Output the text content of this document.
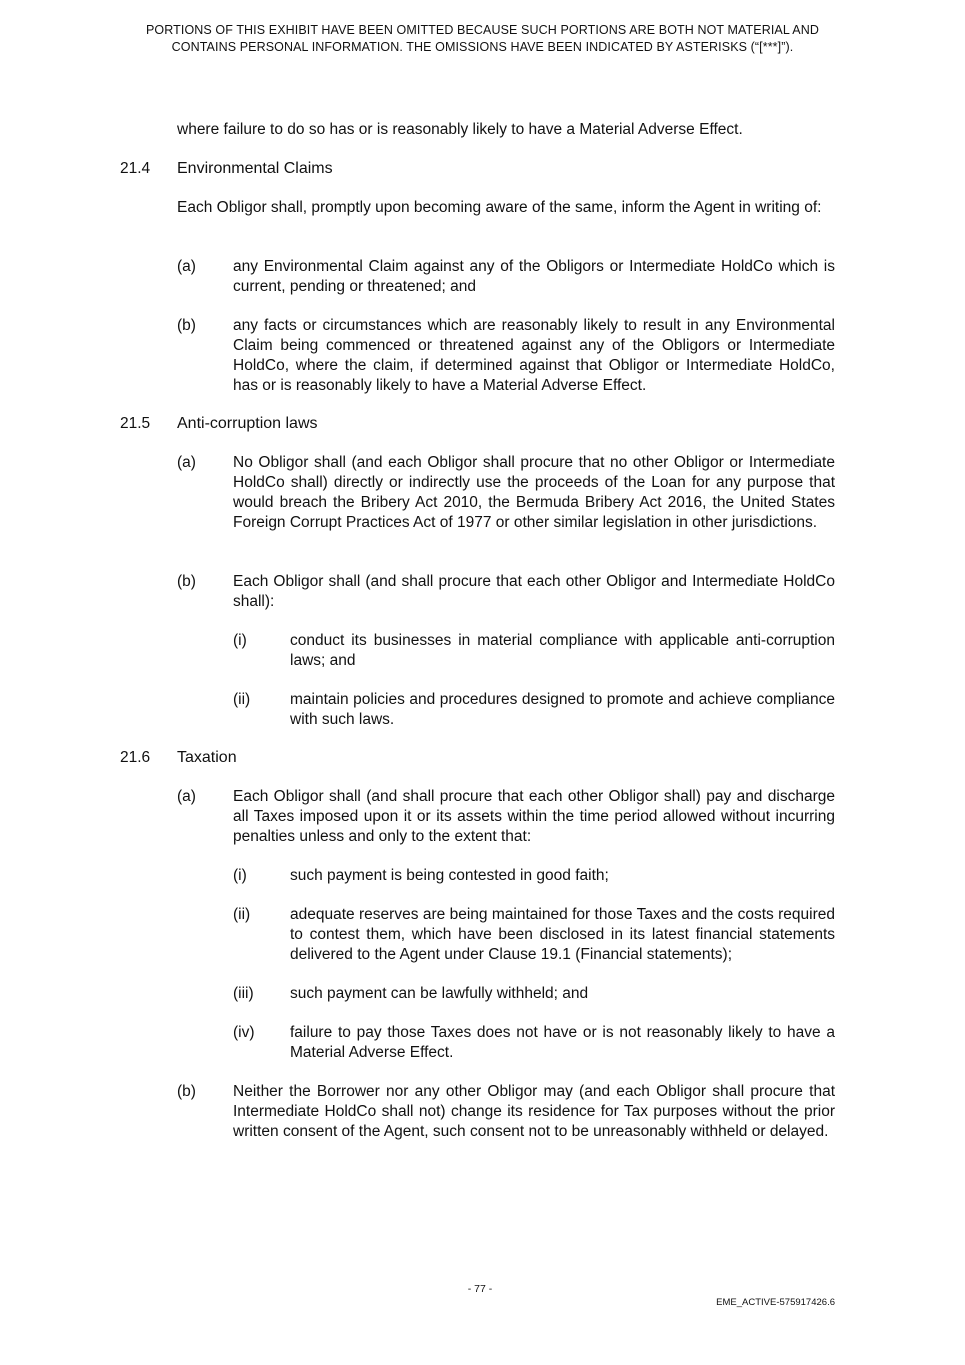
PORTIONS OF THIS EXHIBIT HAVE BEEN OMITTED BECAUSE SUCH PORTIONS ARE BOTH NOT MATERIAL AND
CONTAINS PERSONAL INFORMATION. THE OMISSIONS HAVE BEEN INDICATED BY ASTERISKS (“[***]”).
where failure to do so has or is reasonably likely to have a Material Adverse Effect.
21.4 Environmental Claims
Each Obligor shall, promptly upon becoming aware of the same, inform the Agent in writing of:
(a) any Environmental Claim against any of the Obligors or Intermediate HoldCo which is current, pending or threatened; and
(b) any facts or circumstances which are reasonably likely to result in any Environmental Claim being commenced or threatened against any of the Obligors or Intermediate HoldCo, where the claim, if determined against that Obligor or Intermediate HoldCo, has or is reasonably likely to have a Material Adverse Effect.
21.5 Anti-corruption laws
(a) No Obligor shall (and each Obligor shall procure that no other Obligor or Intermediate HoldCo shall) directly or indirectly use the proceeds of the Loan for any purpose that would breach the Bribery Act 2010, the Bermuda Bribery Act 2016, the United States Foreign Corrupt Practices Act of 1977 or other similar legislation in other jurisdictions.
(b) Each Obligor shall (and shall procure that each other Obligor and Intermediate HoldCo shall):
(i)	conduct its businesses in material compliance with applicable anti-corruption laws; and
(ii)	maintain policies and procedures designed to promote and achieve compliance with such laws.
21.6 Taxation
(a) Each Obligor shall (and shall procure that each other Obligor shall) pay and discharge all Taxes imposed upon it or its assets within the time period allowed without incurring penalties unless and only to the extent that:
(i)	such payment is being contested in good faith;
(ii)	adequate reserves are being maintained for those Taxes and the costs required to contest them, which have been disclosed in its latest financial statements delivered to the Agent under Clause 19.1 (Financial statements);
(iii) such payment can be lawfully withheld; and
(iv) failure to pay those Taxes does not have or is not reasonably likely to have a Material Adverse Effect.
(b) Neither the Borrower nor any other Obligor may (and each Obligor shall procure that Intermediate HoldCo shall not) change its residence for Tax purposes without the prior written consent of the Agent, such consent not to be unreasonably withheld or delayed.
- 77 -
EME_ACTIVE-575917426.6
